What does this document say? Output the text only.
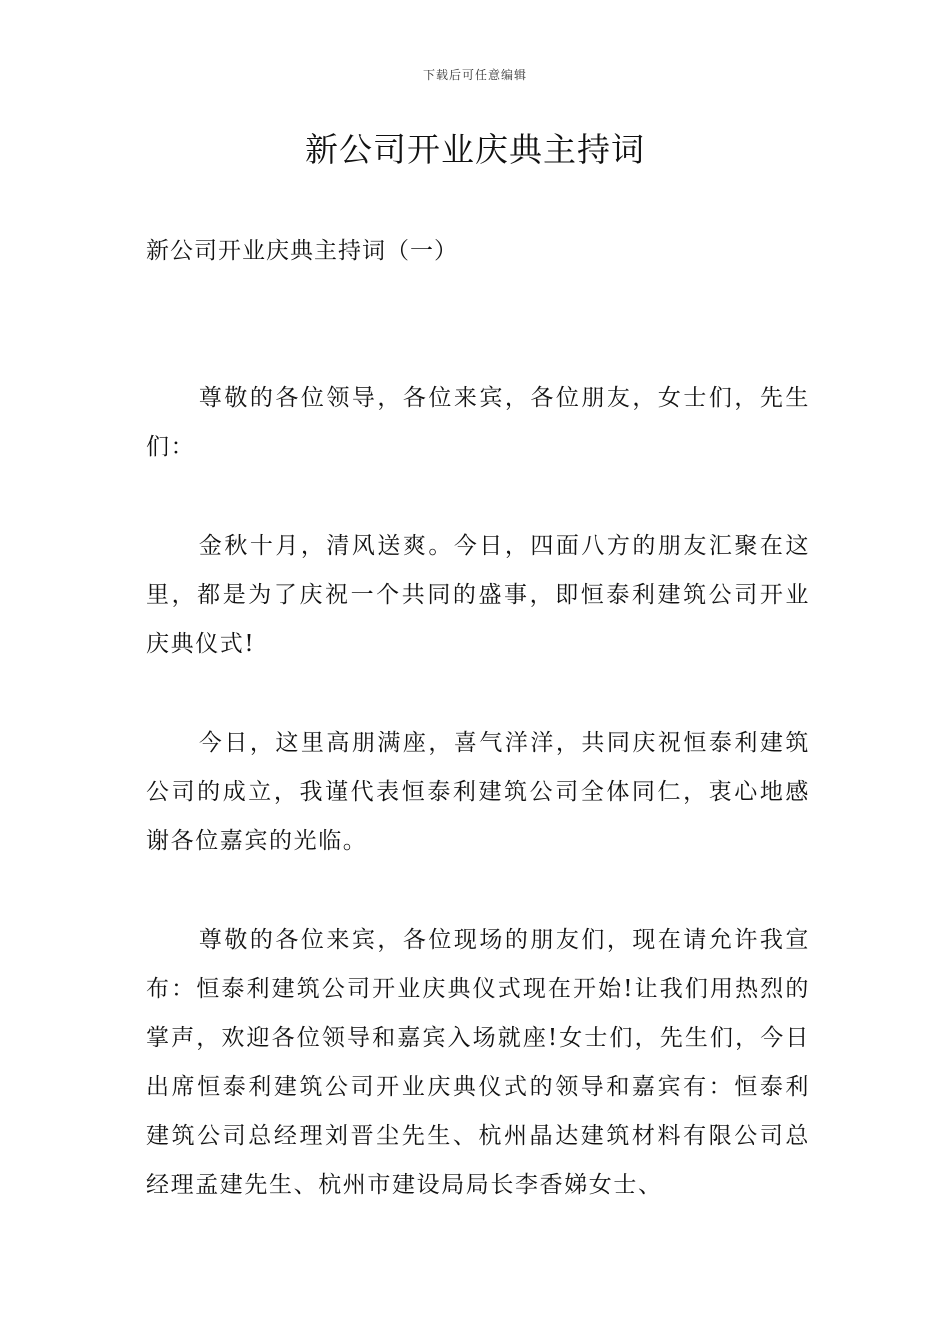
下载后可任意编辑
新公司开业庆典主持词
新公司开业庆典主持词（一）

尊敬的各位领导，各位来宾，各位朋友，女士们，先生们：

金秋十月，清风送爽。今日，四面八方的朋友汇聚在这里，都是为了庆祝一个共同的盛事，即恒泰利建筑公司开业庆典仪式!

今日，这里高朋满座，喜气洋洋，共同庆祝恒泰利建筑公司的成立，我谨代表恒泰利建筑公司全体同仁，衷心地感谢各位嘉宾的光临。

尊敬的各位来宾，各位现场的朋友们，现在请允许我宣布：恒泰利建筑公司开业庆典仪式现在开始!让我们用热烈的掌声，欢迎各位领导和嘉宾入场就座!女士们，先生们，今日出席恒泰利建筑公司开业庆典仪式的领导和嘉宾有：恒泰利建筑公司总经理刘晋尘先生、杭州晶达建筑材料有限公司总经理孟建先生、杭州市建设局局长李香娣女士、
